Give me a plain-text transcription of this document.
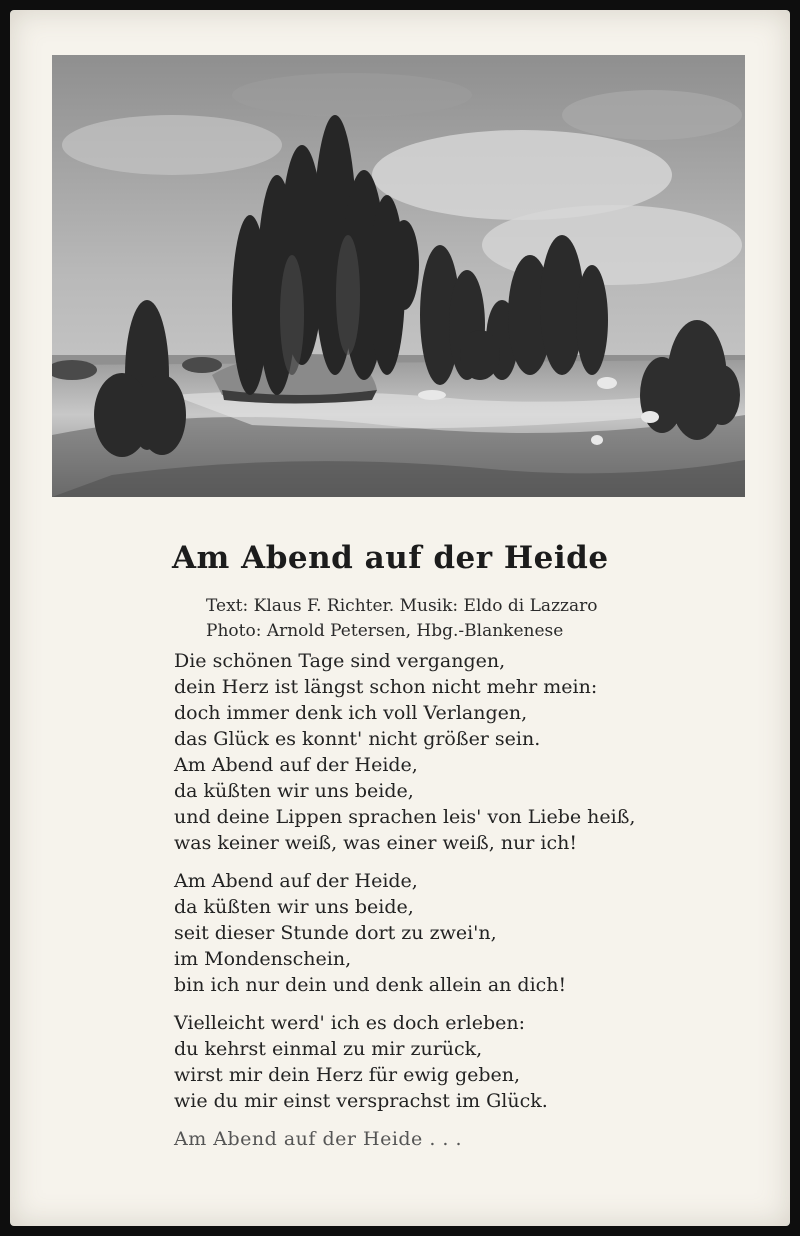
Am Abend auf der Heide
Text: Klaus F. Richter. Musik: Eldo di Lazzaro
Photo: Arnold Petersen, Hbg.-Blankenese
Die schönen Tage sind vergangen,
dein Herz ist längst schon nicht mehr mein:
doch immer denk ich voll Verlangen,
das Glück es konnt' nicht größer sein.
Am Abend auf der Heide,
da küßten wir uns beide,
und deine Lippen sprachen leis' von Liebe heiß,
was keiner weiß, was einer weiß, nur ich!
Am Abend auf der Heide,
da küßten wir uns beide,
seit dieser Stunde dort zu zwei'n,
im Mondenschein,
bin ich nur dein und denk allein an dich!
Vielleicht werd' ich es doch erleben:
du kehrst einmal zu mir zurück,
wirst mir dein Herz für ewig geben,
wie du mir einst versprachst im Glück.
Am Abend auf der Heide . . .
